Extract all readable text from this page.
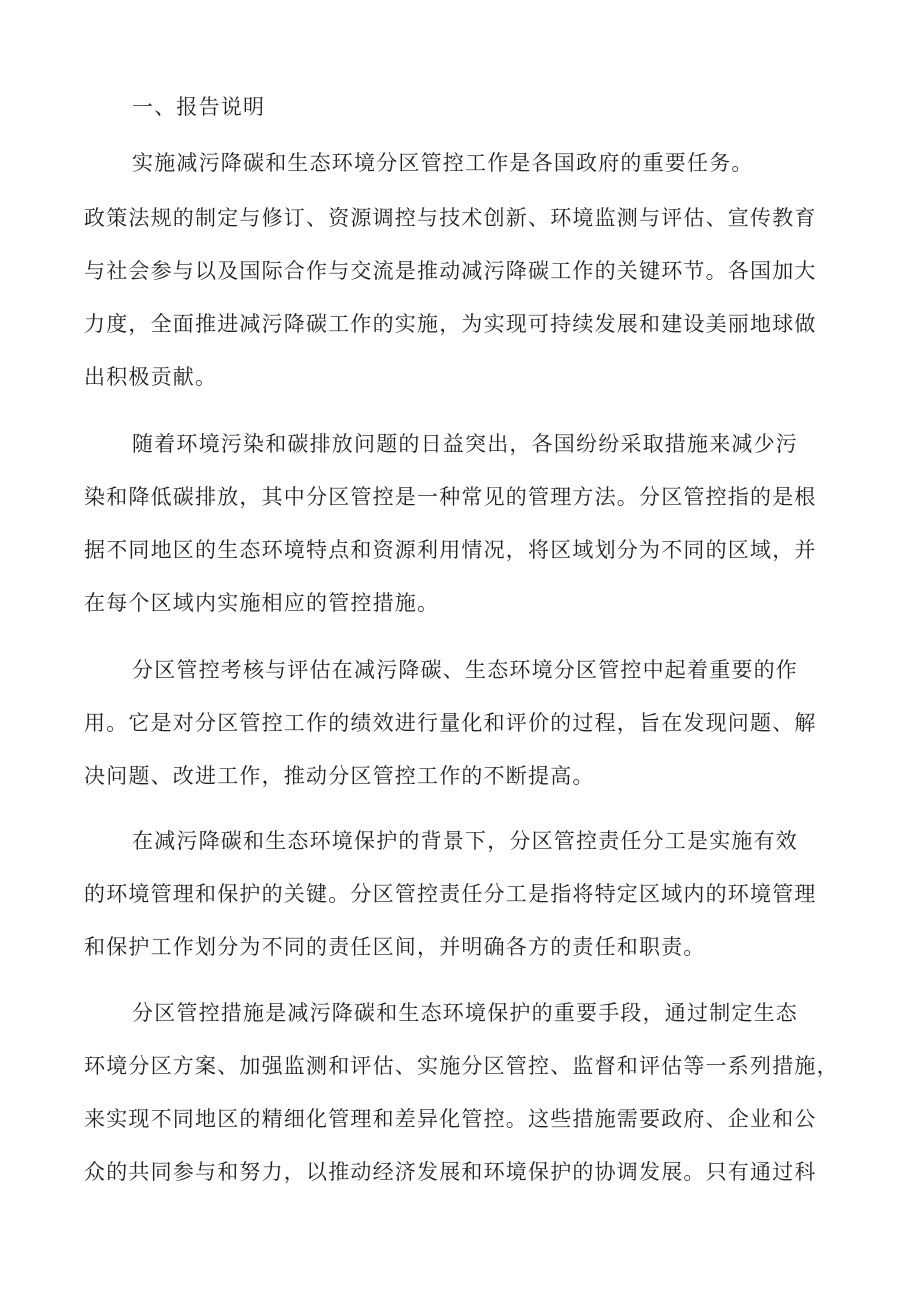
一、报告说明
实施减污降碳和生态环境分区管控工作是各国政府的重要任务。
政策法规的制定与修订、资源调控与技术创新、环境监测与评估、宣传教育
与社会参与以及国际合作与交流是推动减污降碳工作的关键环节。各国加大
力度，全面推进减污降碳工作的实施，为实现可持续发展和建设美丽地球做
出积极贡献。
随着环境污染和碳排放问题的日益突出，各国纷纷采取措施来减少污
染和降低碳排放，其中分区管控是一种常见的管理方法。分区管控指的是根
据不同地区的生态环境特点和资源利用情况，将区域划分为不同的区域，并
在每个区域内实施相应的管控措施。
分区管控考核与评估在减污降碳、生态环境分区管控中起着重要的作
用。它是对分区管控工作的绩效进行量化和评价的过程，旨在发现问题、解
决问题、改进工作，推动分区管控工作的不断提高。
在减污降碳和生态环境保护的背景下，分区管控责任分工是实施有效
的环境管理和保护的关键。分区管控责任分工是指将特定区域内的环境管理
和保护工作划分为不同的责任区间，并明确各方的责任和职责。
分区管控措施是减污降碳和生态环境保护的重要手段，通过制定生态
环境分区方案、加强监测和评估、实施分区管控、监督和评估等一系列措施，
来实现不同地区的精细化管理和差异化管控。这些措施需要政府、企业和公
众的共同参与和努力，以推动经济发展和环境保护的协调发展。只有通过科
